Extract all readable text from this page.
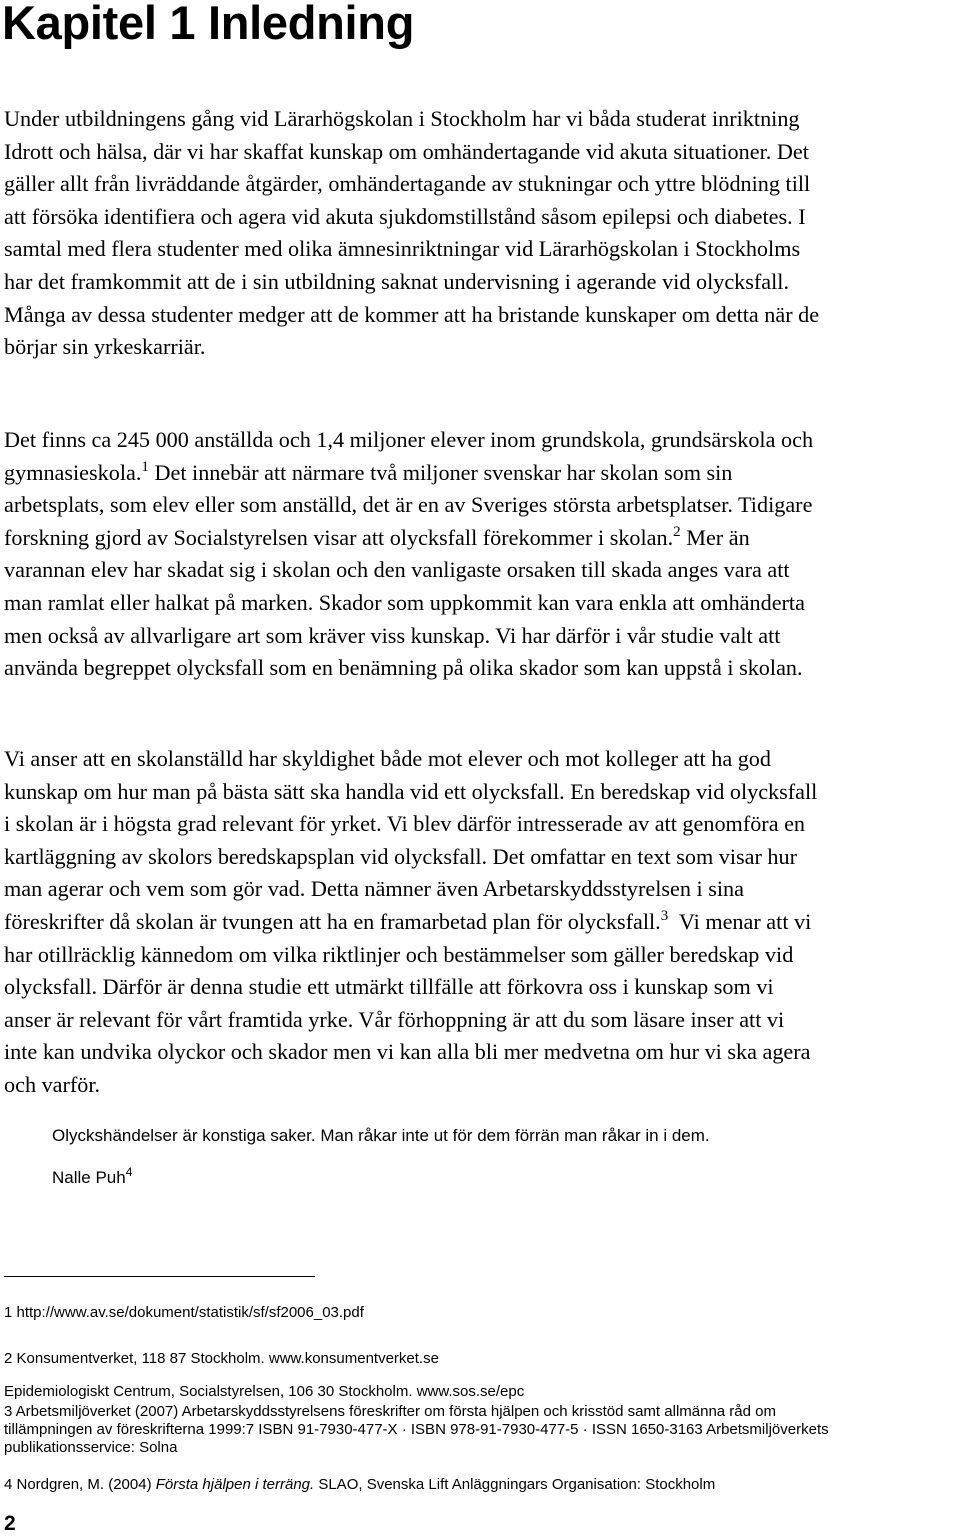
Kapitel 1 Inledning
Under utbildningens gång vid Lärarhögskolan i Stockholm har vi båda studerat inriktning
Idrott och hälsa, där vi har skaffat kunskap om omhändertagande vid akuta situationer. Det
gäller allt från livräddande åtgärder, omhändertagande av stukningar och yttre blödning till
att försöka identifiera och agera vid akuta sjukdomstillstånd såsom epilepsi och diabetes. I
samtal med flera studenter med olika ämnesinriktningar vid Lärarhögskolan i Stockholms
har det framkommit att de i sin utbildning saknat undervisning i agerande vid olycksfall.
Många av dessa studenter medger att de kommer att ha bristande kunskaper om detta när de
börjar sin yrkeskarriär.
Det finns ca 245 000 anställda och 1,4 miljoner elever inom grundskola, grundsärskola och
gymnasieskola.$^1$ Det innebär att närmare två miljoner svenskar har skolan som sin
arbetsplats, som elev eller som anställd, det är en av Sveriges största arbetsplatser. Tidigare
forskning gjord av Socialstyrelsen visar att olycksfall förekommer i skolan.$^2$ Mer än
varannan elev har skadat sig i skolan och den vanligaste orsaken till skada anges vara att
man ramlat eller halkat på marken. Skador som uppkommit kan vara enkla att omhänderta
men också av allvarligare art som kräver viss kunskap. Vi har därför i vår studie valt att
använda begreppet olycksfall som en benämning på olika skador som kan uppstå i skolan.
Vi anser att en skolanställd har skyldighet både mot elever och mot kolleger att ha god
kunskap om hur man på bästa sätt ska handla vid ett olycksfall. En beredskap vid olycksfall
i skolan är i högsta grad relevant för yrket. Vi blev därför intresserade av att genomföra en
kartläggning av skolors beredskapsplan vid olycksfall. Det omfattar en text som visar hur
man agerar och vem som gör vad. Detta nämner även Arbetarskyddsstyrelsen i sina
föreskrifter då skolan är tvungen att ha en framarbetad plan för olycksfall.$^3$  Vi menar att vi
har otillräcklig kännedom om vilka riktlinjer och bestämmelser som gäller beredskap vid
olycksfall. Därför är denna studie ett utmärkt tillfälle att förkovra oss i kunskap som vi
anser är relevant för vårt framtida yrke. Vår förhoppning är att du som läsare inser att vi
inte kan undvika olyckor och skador men vi kan alla bli mer medvetna om hur vi ska agera
och varför.

Olyckshändelser är konstiga saker. Man råkar inte ut för dem förrän man råkar in i dem.

Nalle Puh$^4$

1 http://www.av.se/dokument/statistik/sf/sf2006_03.pdf

2 Konsumentverket, 118 87 Stockholm. www.konsumentverket.se

Epidemiologiskt Centrum, Socialstyrelsen, 106 30 Stockholm. www.sos.se/epc

3 Arbetsmiljöverket (2007) Arbetarskyddsstyrelsens föreskrifter om första hjälpen och krisstöd samt allmänna råd om
tillämpningen av föreskrifterna 1999:7 ISBN 91-7930-477-X · ISBN 978-91-7930-477-5 · ISSN 1650-3163 Arbetsmiljöverkets
publikationsservice: Solna

4 Nordgren, M. (2004) Första hjälpen i terräng. SLAO, Svenska Lift Anläggningars Organisation: Stockholm

2
